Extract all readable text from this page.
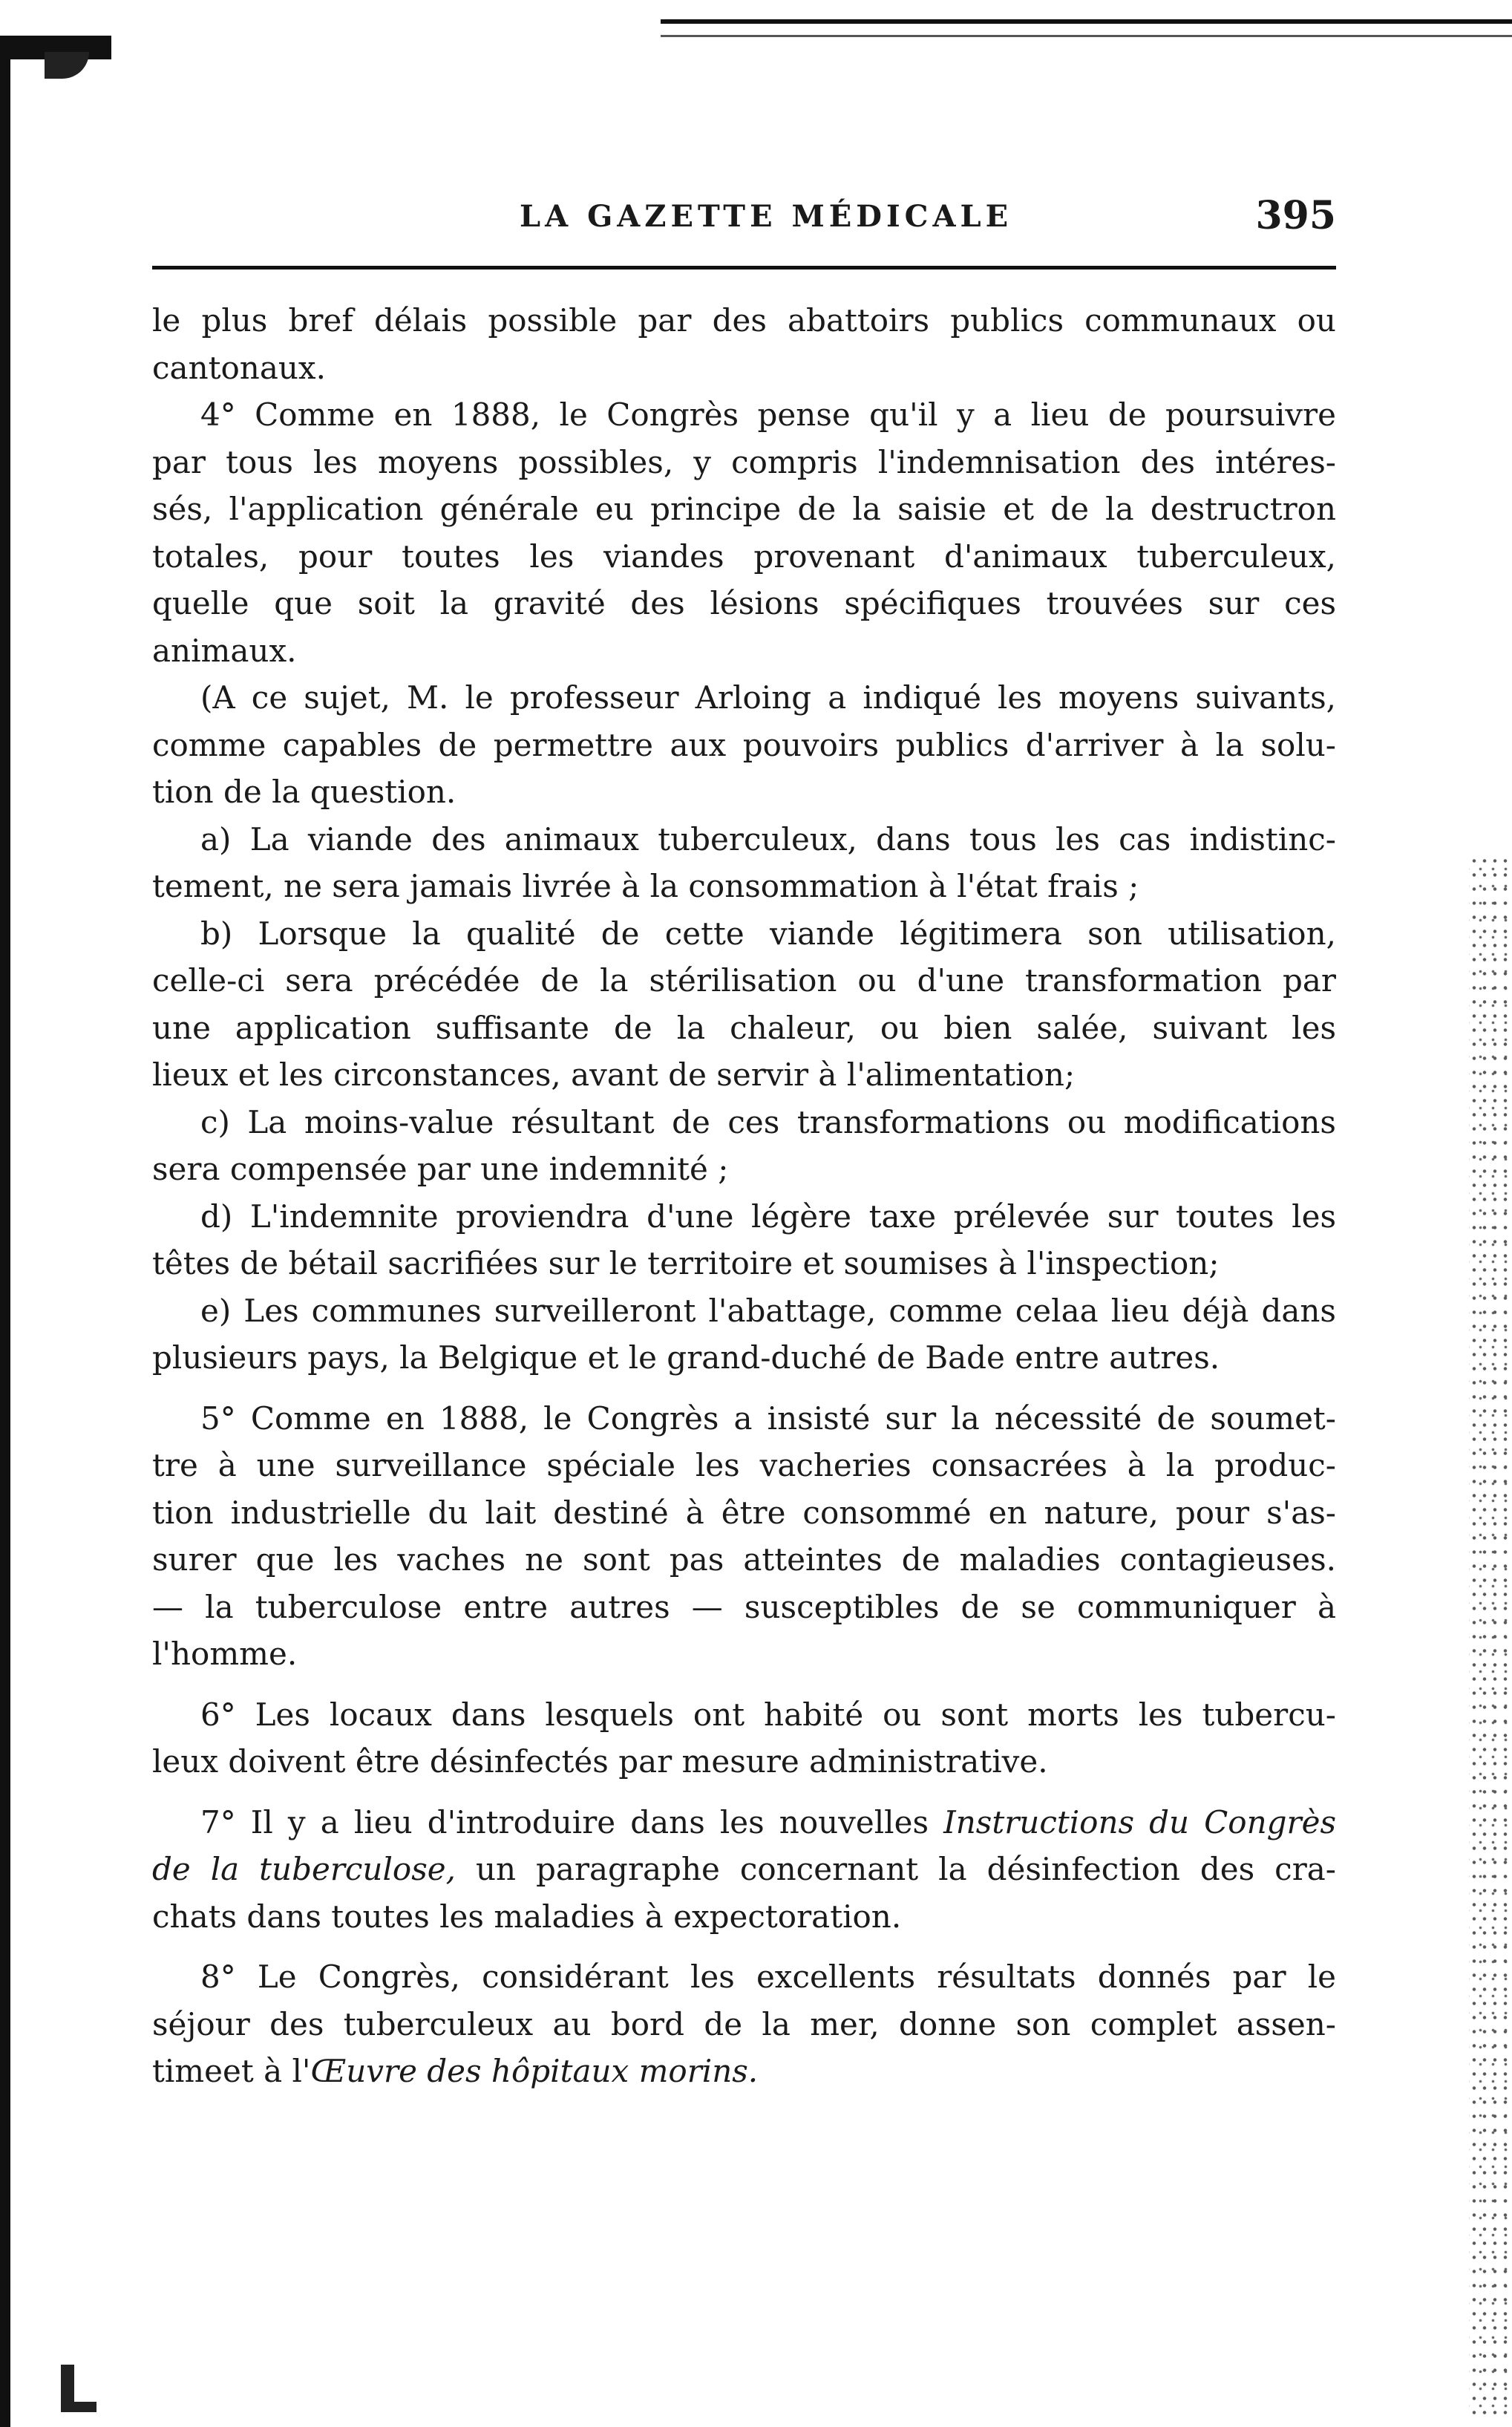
LA GAZETTE MÉDICALE	395

le plus bref délais possible par des abattoirs publics communaux ou
cantonaux.

4° Comme en 1888, le Congrès pense qu'il y a lieu de poursuivre
par tous les moyens possibles, y compris l'indemnisation des intéres-
sés, l'application générale eu principe de la saisie et de la destructron
totales, pour toutes les viandes provenant d'animaux tuberculeux,
quelle que soit la gravité des lésions spécifiques trouvées sur ces
animaux.

(A ce sujet, M. le professeur Arloing a indiqué les moyens suivants,
comme capables de permettre aux pouvoirs publics d'arriver à la solu-
tion de la question.

a) La viande des animaux tuberculeux, dans tous les cas indistinc-
tement, ne sera jamais livrée à la consommation à l'état frais ;

b) Lorsque la qualité de cette viande légitimera son utilisation,
celle-ci sera précédée de la stérilisation ou d'une transformation par
une application suffisante de la chaleur, ou bien salée, suivant les
lieux et les circonstances, avant de servir à l'alimentation;

c) La moins-value résultant de ces transformations ou modifications
sera compensée par une indemnité ;

d) L'indemnite proviendra d'une légère taxe prélevée sur toutes les
têtes de bétail sacrifiées sur le territoire et soumises à l'inspection;

e) Les communes surveilleront l'abattage, comme celaa lieu déjà dans
plusieurs pays, la Belgique et le grand-duché de Bade entre autres.

5° Comme en 1888, le Congrès a insisté sur la nécessité de soumet-
tre à une surveillance spéciale les vacheries consacrées à la produc-
tion industrielle du lait destiné à être consommé en nature, pour s'as-
surer que les vaches ne sont pas atteintes de maladies contagieuses.
— la tuberculose entre autres — susceptibles de se communiquer à
l'homme.

6° Les locaux dans lesquels ont habité ou sont morts les tubercu-
leux doivent être désinfectés par mesure administrative.

7° Il y a lieu d'introduire dans les nouvelles Instructions du Congrès
de la tuberculose, un paragraphe concernant la désinfection des cra-
chats dans toutes les maladies à expectoration.

8° Le Congrès, considérant les excellents résultats donnés par le
séjour des tuberculeux au bord de la mer, donne son complet assen-
timeet à l'Œuvre des hôpitaux morins.
